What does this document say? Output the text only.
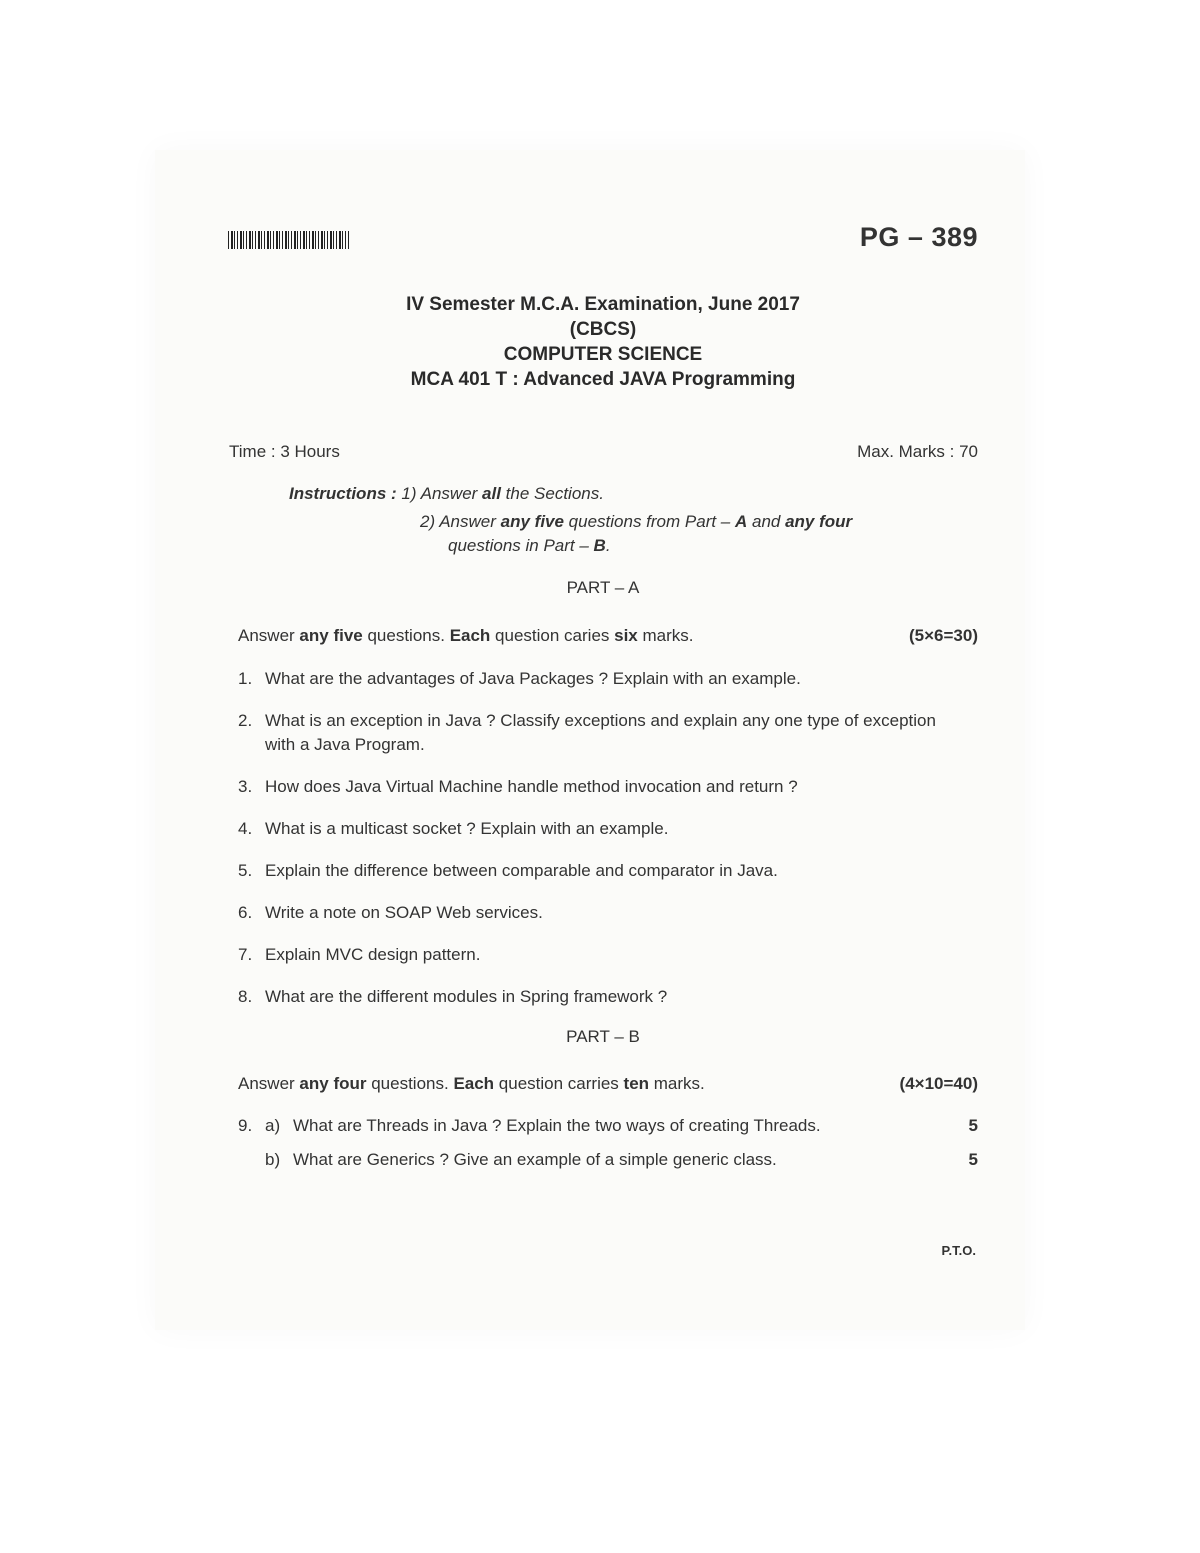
PG – 389
IV Semester M.C.A. Examination, June 2017
(CBCS)
COMPUTER SCIENCE
MCA 401 T : Advanced JAVA Programming
Time : 3 Hours	Max. Marks : 70
Instructions : 1) Answer all the Sections.
2) Answer any five questions from Part – A and any four
questions in Part – B.
PART – A
Answer any five questions. Each question caries six marks.	(5×6=30)
1. What are the advantages of Java Packages ? Explain with an example.
2. What is an exception in Java ? Classify exceptions and explain any one type of exception with a Java Program.
3. How does Java Virtual Machine handle method invocation and return ?
4. What is a multicast socket ? Explain with an example.
5. Explain the difference between comparable and comparator in Java.
6. Write a note on SOAP Web services.
7. Explain MVC design pattern.
8. What are the different modules in Spring framework ?
PART – B
Answer any four questions. Each question carries ten marks.	(4×10=40)
9. a) What are Threads in Java ? Explain the two ways of creating Threads.	5
b) What are Generics ? Give an example of a simple generic class.	5
P.T.O.
